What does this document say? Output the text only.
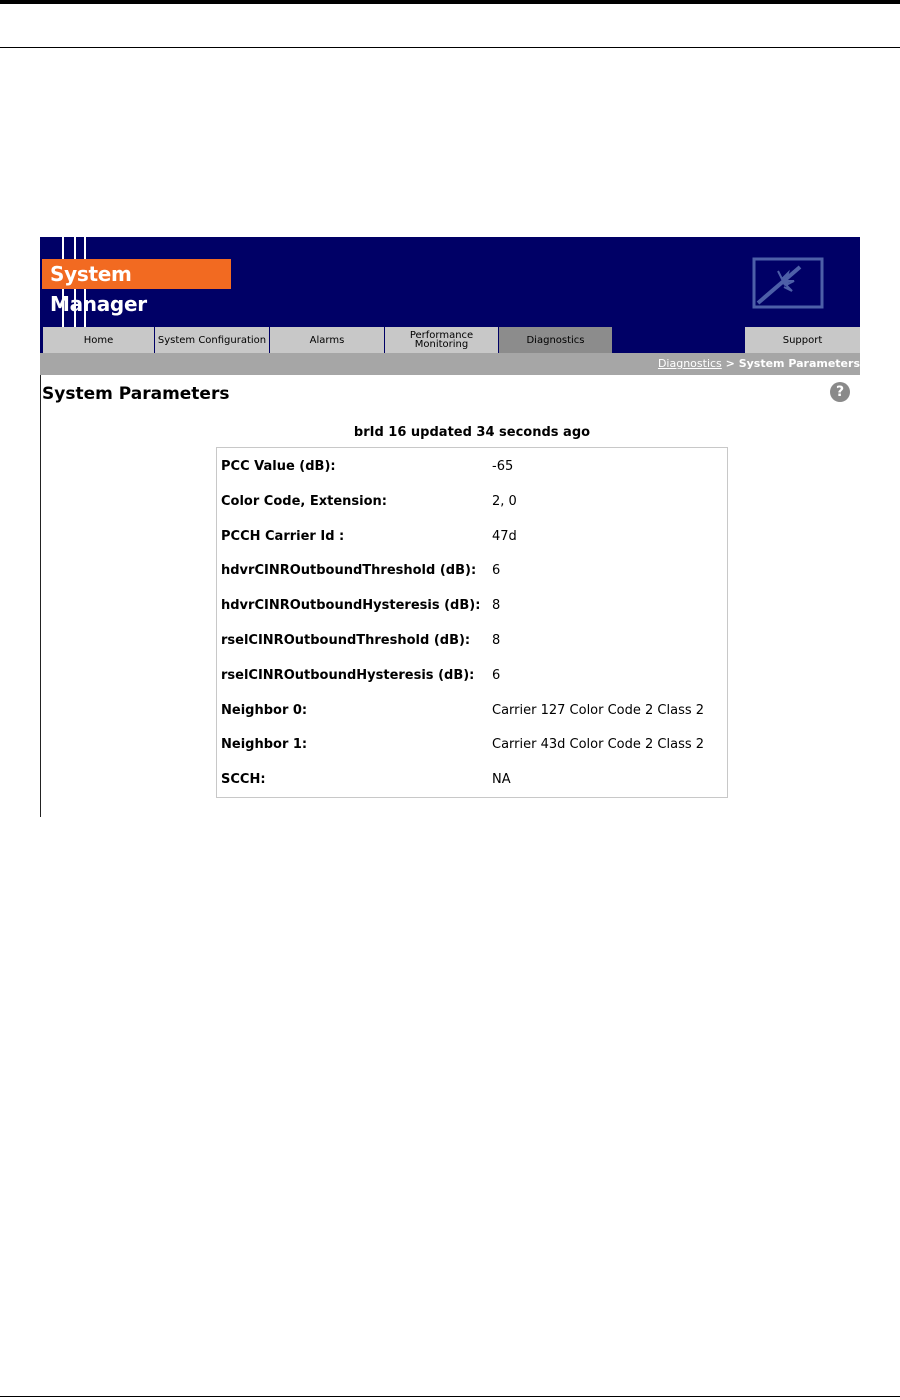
System Manager
Home	System Configuration	Alarms	Performance
Monitoring	Diagnostics	Support
Diagnostics > System Parameters
System Parameters	?
brId 16 updated 34 seconds ago
PCC Value (dB):	-65
Color Code, Extension:	2, 0
PCCH Carrier Id :	47d
hdvrCINROutboundThreshold (dB): 6
hdvrCINROutboundHysteresis (dB): 8
rselCINROutboundThreshold (dB): 8
rselCINROutboundHysteresis (dB): 6
Neighbor 0:	Carrier 127 Color Code 2 Class 2
Neighbor 1:	Carrier 43d Color Code 2 Class 2
SCCH:	NA
